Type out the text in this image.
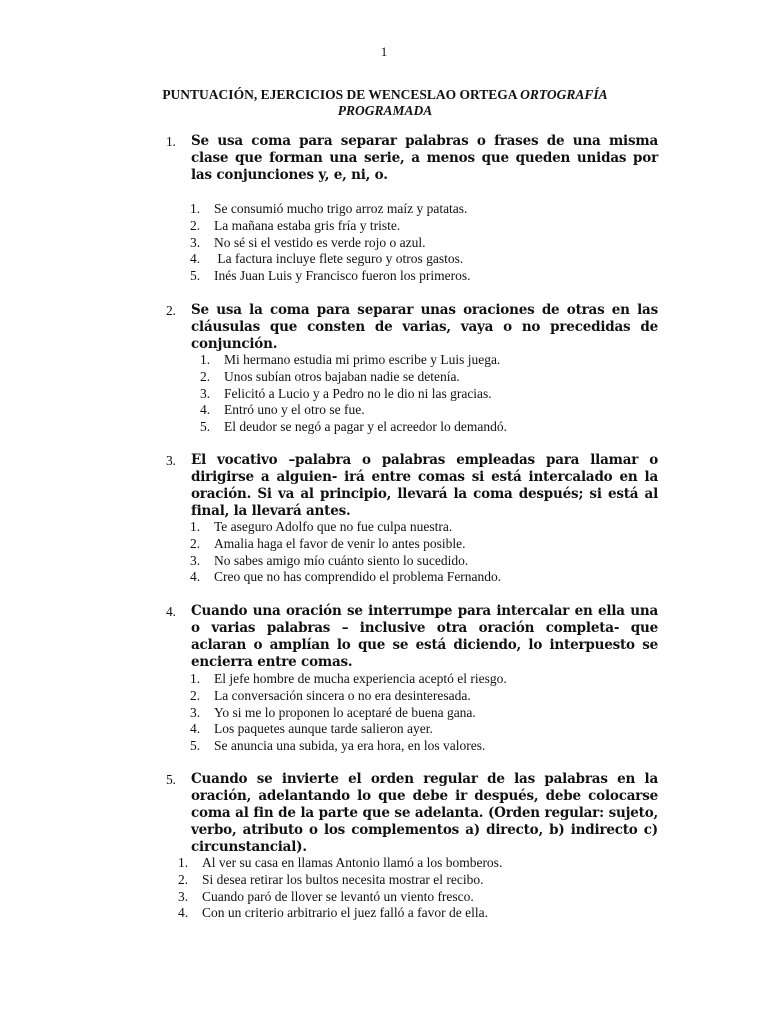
1
PUNTUACIÓN, EJERCICIOS DE WENCESLAO ORTEGA ORTOGRAFÍA
PROGRAMADA
1. Se usa coma para separar palabras o frases de una misma clase que forman una serie, a menos que queden unidas por las conjunciones y, e, ni, o.
1. Se consumió mucho trigo arroz maíz y patatas.
2. La mañana estaba gris fría y triste.
3. No sé si el vestido es verde rojo o azul.
4. La factura incluye flete seguro y otros gastos.
5. Inés Juan Luis y Francisco fueron los primeros.
2. Se usa la coma para separar unas oraciones de otras en las cláusulas que consten de varias, vaya o no precedidas de conjunción.
1. Mi hermano estudia mi primo escribe y Luis juega.
2. Unos subían otros bajaban nadie se detenía.
3. Felicitó a Lucio y a Pedro no le dio ni las gracias.
4. Entró uno y el otro se fue.
5. El deudor se negó a pagar y el acreedor lo demandó.
3. El vocativo –palabra o palabras empleadas para llamar o dirigirse a alguien- irá entre comas si está intercalado en la oración. Si va al principio, llevará la coma después; si está al final, la llevará antes.
1. Te aseguro Adolfo que no fue culpa nuestra.
2. Amalia haga el favor de venir lo antes posible.
3. No sabes amigo mío cuánto siento lo sucedido.
4. Creo que no has comprendido el problema Fernando.
4. Cuando una oración se interrumpe para intercalar en ella una o varias palabras – inclusive otra oración completa- que aclaran o amplían lo que se está diciendo, lo interpuesto se encierra entre comas.
1. El jefe hombre de mucha experiencia aceptó el riesgo.
2. La conversación sincera o no era desinteresada.
3. Yo si me lo proponen lo aceptaré de buena gana.
4. Los paquetes aunque tarde salieron ayer.
5. Se anuncia una subida, ya era hora, en los valores.
5. Cuando se invierte el orden regular de las palabras en la oración, adelantando lo que debe ir después, debe colocarse coma al fin de la parte que se adelanta. (Orden regular: sujeto, verbo, atributo o los complementos a) directo, b) indirecto c) circunstancial).
1. Al ver su casa en llamas Antonio llamó a los bomberos.
2. Si desea retirar los bultos necesita mostrar el recibo.
3. Cuando paró de llover se levantó un viento fresco.
4. Con un criterio arbitrario el juez falló a favor de ella.
